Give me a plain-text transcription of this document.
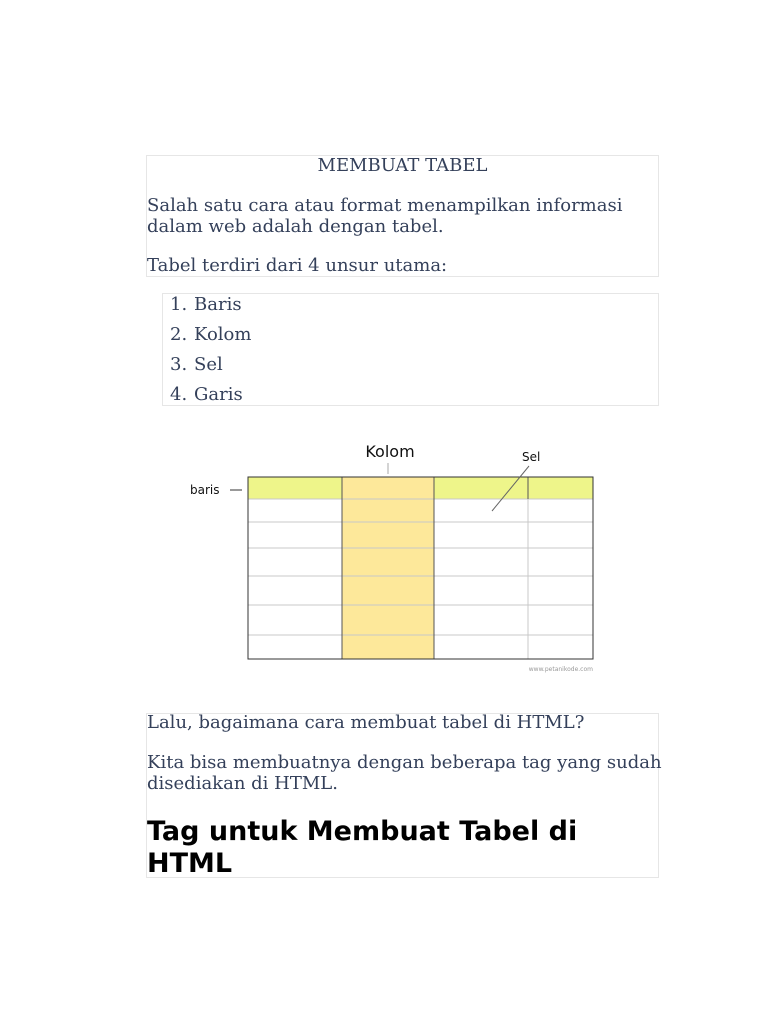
MEMBUAT TABEL

Salah satu cara atau format menampilkan informasi dalam web adalah dengan tabel.

Tabel terdiri dari 4 unsur utama:

1. Baris
2. Kolom
3. Sel
4. Garis
Kolom	Sel
baris
www.petanikode.com

Lalu, bagaimana cara membuat tabel di HTML?

Kita bisa membuatnya dengan beberapa tag yang sudah disediakan di HTML.

Tag untuk Membuat Tabel di HTML
